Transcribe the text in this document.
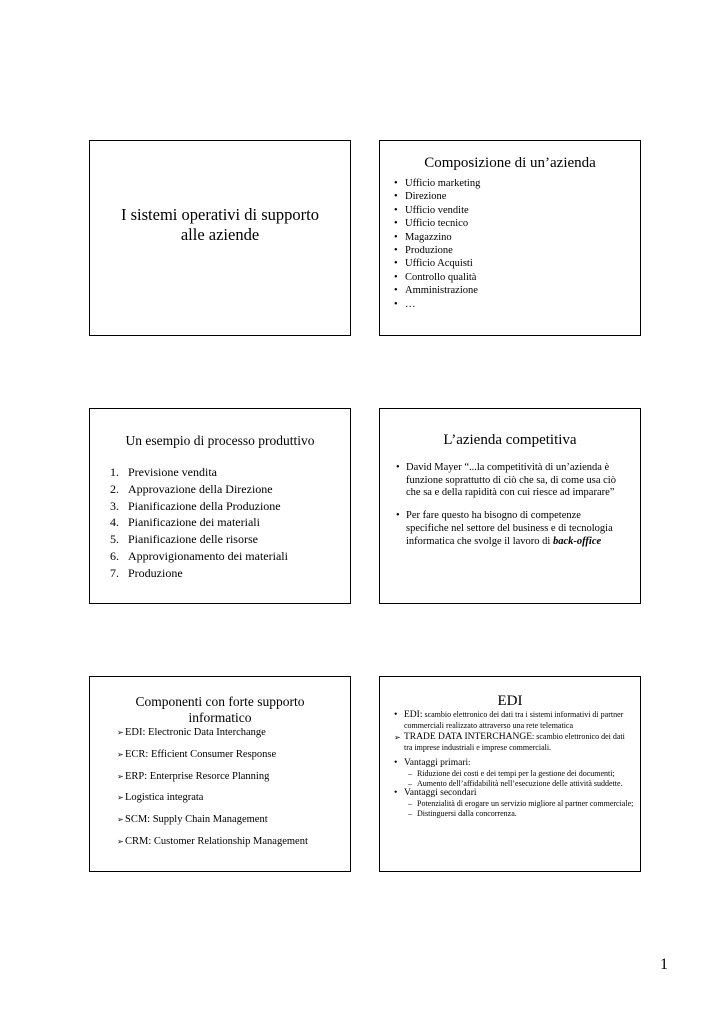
I sistemi operativi di supporto alle aziende
Composizione di un’azienda
• Ufficio marketing
• Direzione
• Ufficio vendite
• Ufficio tecnico
• Magazzino
• Produzione
• Ufficio Acquisti
• Controllo qualità
• Amministrazione
• …
Un esempio di processo produttivo
1. Previsione vendita
2. Approvazione della Direzione
3. Pianificazione della Produzione
4. Pianificazione dei materiali
5. Pianificazione delle risorse
6. Approvigionamento dei materiali
7. Produzione
L’azienda competitiva
• David Mayer “...la competitività di un’azienda è funzione soprattutto di ciò che sa, di come usa ciò che sa e della rapidità con cui riesce ad imparare”
• Per fare questo ha bisogno di competenze specifiche nel settore del business e di tecnologia informatica che svolge il lavoro di back-office
Componenti con forte supporto informatico
➢ EDI: Electronic Data Interchange
➢ ECR: Efficient Consumer Response
➢ ERP: Enterprise Resorce Planning
➢ Logistica integrata
➢ SCM: Supply Chain Management
➢ CRM: Customer Relationship Management
EDI
• EDI: scambio elettronico dei dati tra i sistemi informativi di partner commerciali realizzato attraverso una rete telematica
➢ TRADE DATA INTERCHANGE: scambio elettronico dei dati tra imprese industriali e imprese commerciali.
• Vantaggi primari:
– Riduzione dei costi e dei tempi per la gestione dei documenti;
– Aumento dell’affidabilità nell’esecuzione delle attività suddette.
• Vantaggi secondari
– Potenzialità di erogare un servizio migliore al partner commerciale;
– Distinguersi dalla concorrenza.
1
